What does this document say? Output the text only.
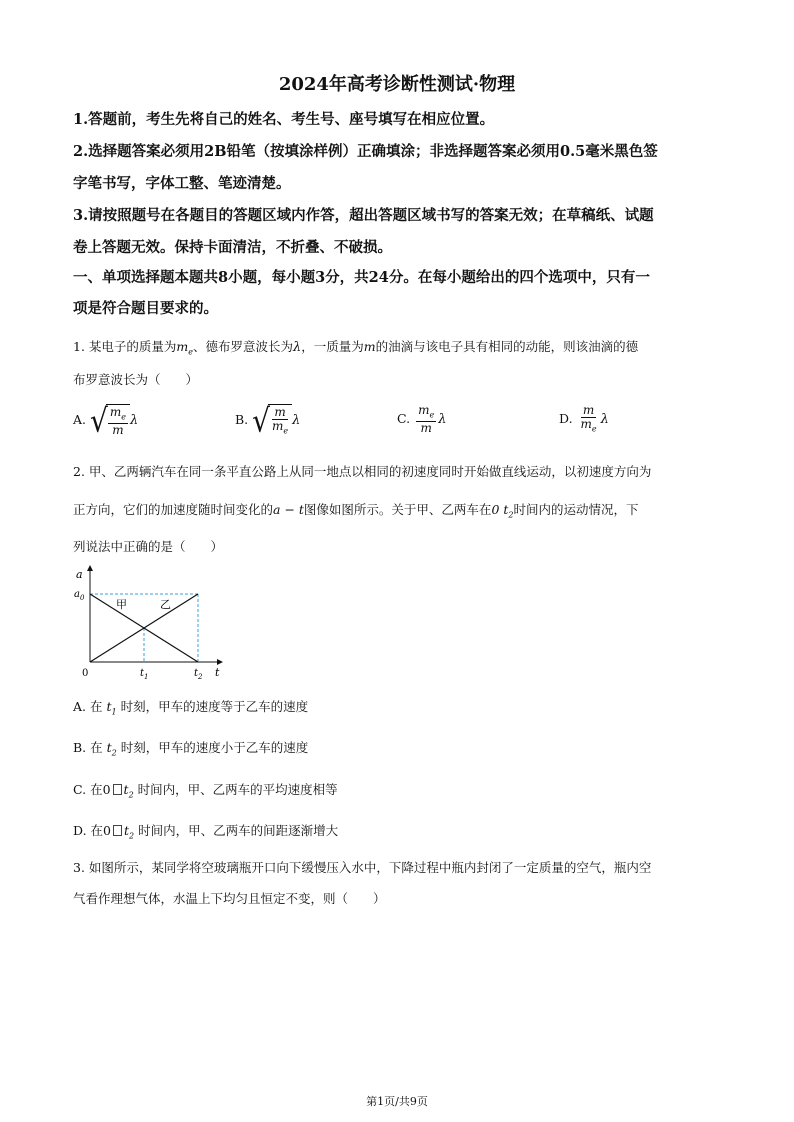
2024年高考诊断性测试·物理
1.答题前，考生先将自己的姓名、考生号、座号填写在相应位置。
2.选择题答案必须用2B铅笔（按填涂样例）正确填涂；非选择题答案必须用0.5毫米黑色签
字笔书写，字体工整、笔迹清楚。
3.请按照题号在各题目的答题区域内作答，超出答题区域书写的答案无效；在草稿纸、试题
卷上答题无效。保持卡面清洁，不折叠、不破损。
一、单项选择题本题共8小题，每小题3分，共24分。在每小题给出的四个选项中，只有一
项是符合题目要求的。
1. 某电子的质量为$m_e$、德布罗意波长为λ，一质量为m的油滴与该电子具有相同的动能，则该油滴的德
布罗意波长为（　　）
A. √ $\frac{m_e}{m}$ λ	B. √ $\frac{m}{m_e}$ λ	C. $\frac{m_e}{m}$ λ	D. $\frac{m}{m_e}$ λ
2. 甲、乙两辆汽车在同一条平直公路上从同一地点以相同的初速度同时开始做直线运动，以初速度方向为
正方向，它们的加速度随时间变化的a − t图像如图所示。关于甲、乙两车在0 $t_2$时间内的运动情况，下
列说法中正确的是（　　）
a
t
0
$a_0$
$t_1$	$t_2$
甲	乙
A. 在 $t_1$ 时刻，甲车的速度等于乙车的速度
B. 在 $t_2$ 时刻，甲车的速度小于乙车的速度
C. 在0 $t_2$ 时间内，甲、乙两车的平均速度相等
D. 在0 $t_2$ 时间内，甲、乙两车的间距逐渐增大
3. 如图所示，某同学将空玻璃瓶开口向下缓慢压入水中，下降过程中瓶内封闭了一定质量的空气，瓶内空
气看作理想气体，水温上下均匀且恒定不变，则（　　）
第1页/共9页
